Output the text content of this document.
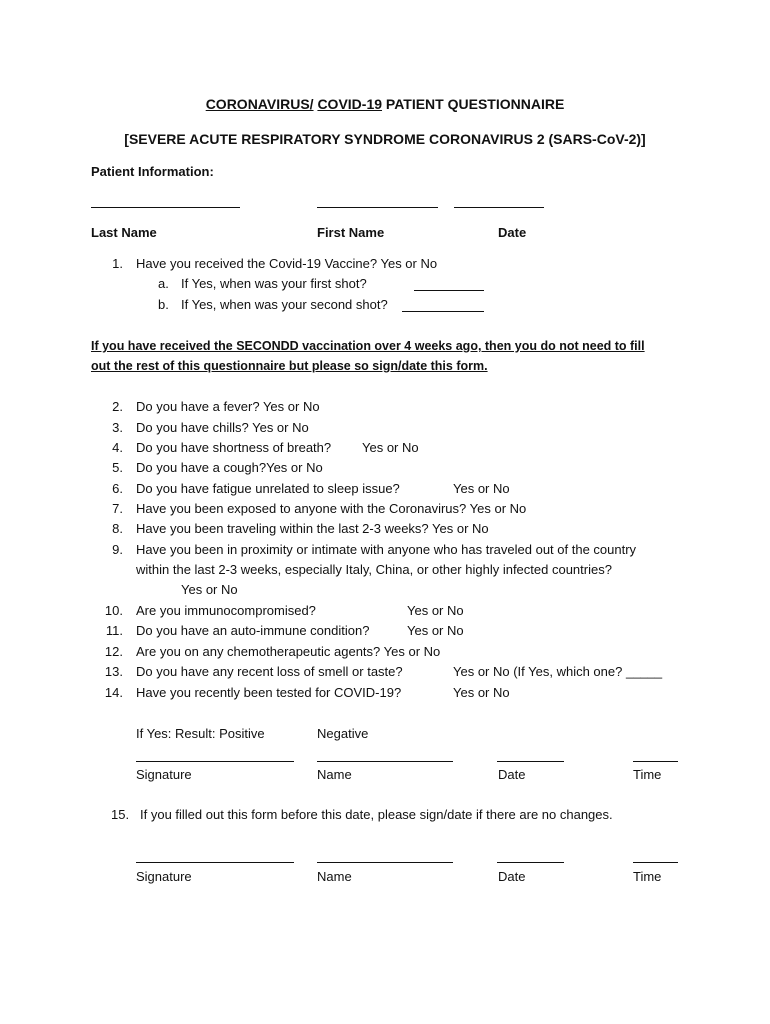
CORONAVIRUS/ COVID-19 PATIENT QUESTIONNAIRE
[SEVERE ACUTE RESPIRATORY SYNDROME CORONAVIRUS 2 (SARS-CoV-2)]
Patient Information:
Last Name	First Name	Date
1. Have you received the Covid-19 Vaccine? Yes or No
a. If Yes, when was your first shot?
b. If Yes, when was your second shot?
If you have received the SECONDD vaccination over 4 weeks ago, then you do not need to fill
out the rest of this questionnaire but please so sign/date this form.
2. Do you have a fever? Yes or No
3. Do you have chills? Yes or No
4. Do you have shortness of breath? Yes or No
5. Do you have a cough?Yes or No
6. Do you have fatigue unrelated to sleep issue?	Yes or No
7. Have you been exposed to anyone with the Coronavirus? Yes or No
8. Have you been traveling within the last 2-3 weeks? Yes or No
9. Have you been in proximity or intimate with anyone who has traveled out of the country
within the last 2-3 weeks, especially Italy, China, or other highly infected countries?
Yes or No
10. Are you immunocompromised?	Yes or No
11. Do you have an auto-immune condition?	Yes or No
12. Are you on any chemotherapeutic agents? Yes or No
13. Do you have any recent loss of smell or taste?	Yes or No (If Yes, which one? _____
14. Have you recently been tested for COVID-19?	Yes or No
If Yes: Result: Positive	Negative
Signature	Name	Date	Time
15. If you filled out this form before this date, please sign/date if there are no changes.
Signature	Name	Date	Time
